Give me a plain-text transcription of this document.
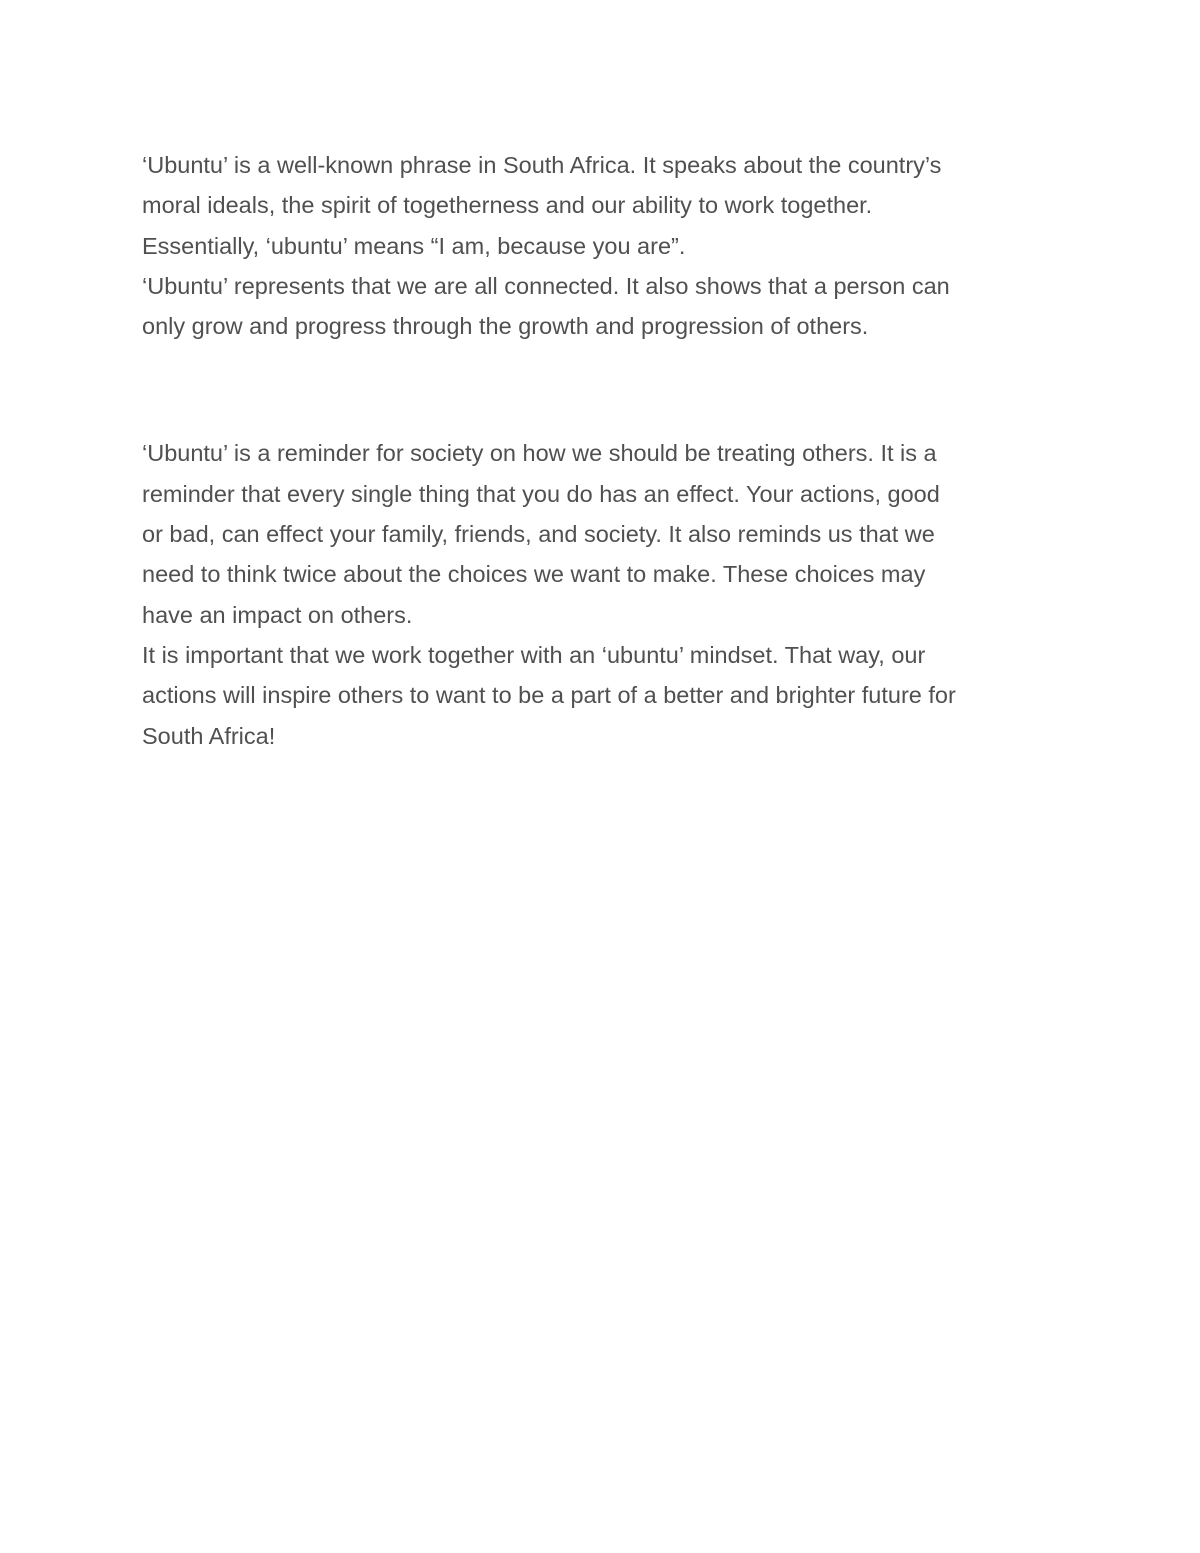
‘Ubuntu’ is a well-known phrase in South Africa. It speaks about the country’s

moral ideals, the spirit of togetherness and our ability to work together.

Essentially, ‘ubuntu’ means “I am, because you are”.

‘Ubuntu’ represents that we are all connected. It also shows that a person can

only grow and progress through the growth and progression of others.

‘Ubuntu’ is a reminder for society on how we should be treating others. It is a

reminder that every single thing that you do has an effect. Your actions, good

or bad, can effect your family, friends, and society. It also reminds us that we

need to think twice about the choices we want to make. These choices may

have an impact on others.

It is important that we work together with an ‘ubuntu’ mindset. That way, our

actions will inspire others to want to be a part of a better and brighter future for

South Africa!
